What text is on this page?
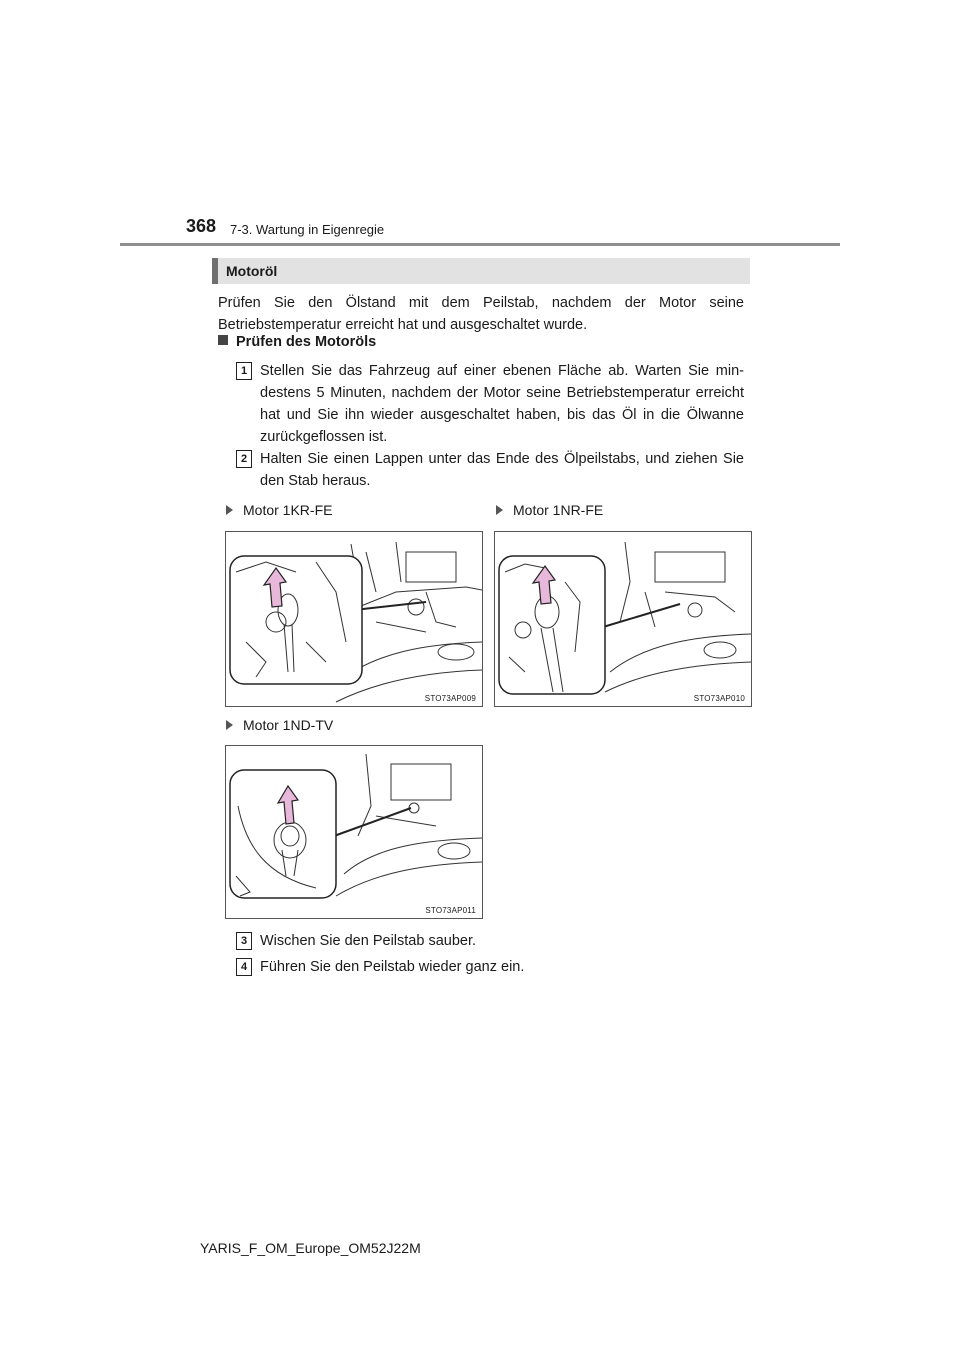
368 7-3. Wartung in Eigenregie
Motoröl
Prüfen Sie den Ölstand mit dem Peilstab, nachdem der Motor seine Betriebstemperatur erreicht hat und ausgeschaltet wurde.
Prüfen des Motoröls
1 Stellen Sie das Fahrzeug auf einer ebenen Fläche ab. Warten Sie min-destens 5 Minuten, nachdem der Motor seine Betriebstemperatur erreicht hat und Sie ihn wieder ausgeschaltet haben, bis das Öl in die Ölwanne zurückgeflossen ist.
2 Halten Sie einen Lappen unter das Ende des Ölpeilstabs, und ziehen Sie den Stab heraus.
Motor 1KR-FE	Motor 1NR-FE
STO73AP009	STO73AP010
Motor 1ND-TV
STO73AP011
3 Wischen Sie den Peilstab sauber.
4 Führen Sie den Peilstab wieder ganz ein.
YARIS_F_OM_Europe_OM52J22M
